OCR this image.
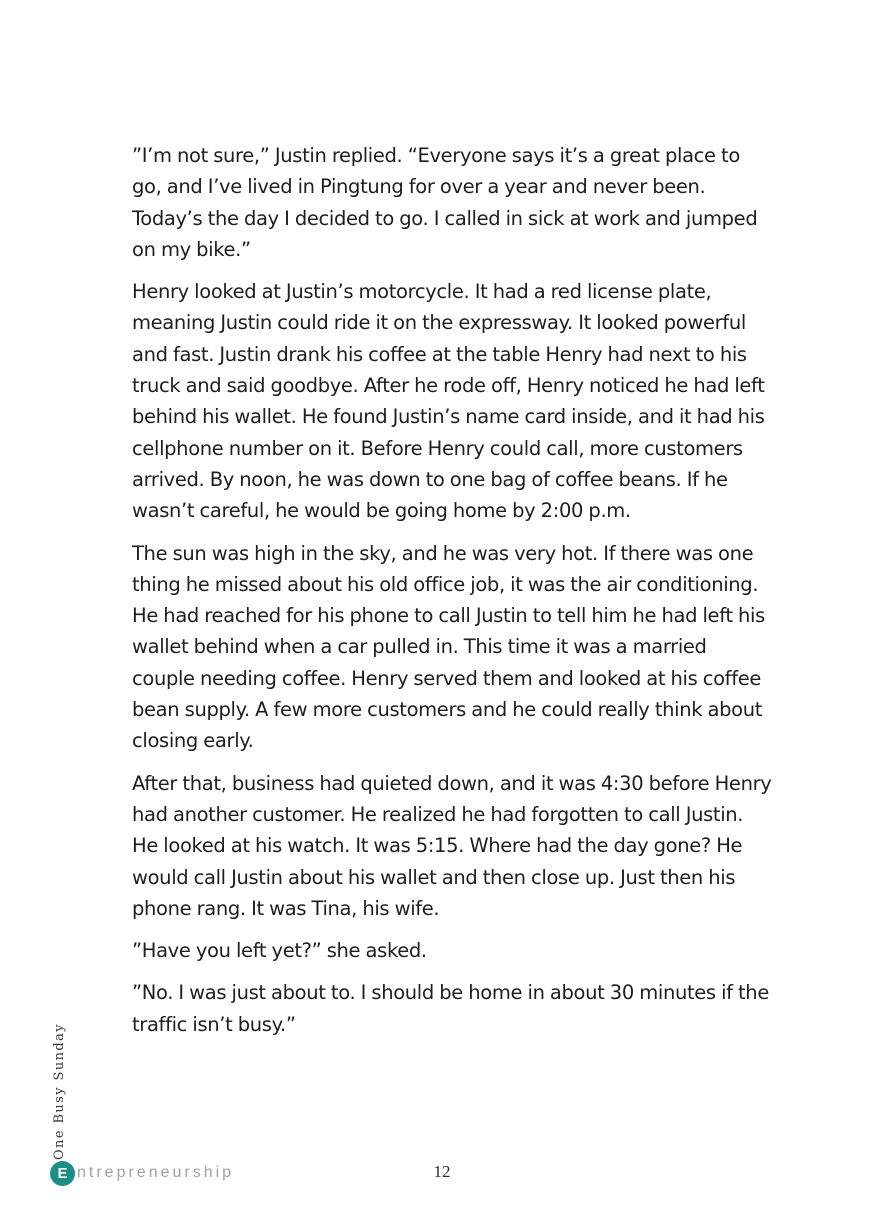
”I’m not sure,” Justin replied. “Everyone says it’s a great place to go, and I’ve lived in Pingtung for over a year and never been. Today’s the day I decided to go. I called in sick at work and jumped on my bike.”

Henry looked at Justin’s motorcycle. It had a red license plate, meaning Justin could ride it on the expressway. It looked powerful and fast. Justin drank his coffee at the table Henry had next to his truck and said goodbye. After he rode off, Henry noticed he had left behind his wallet. He found Justin’s name card inside, and it had his cellphone number on it. Before Henry could call, more customers arrived. By noon, he was down to one bag of coffee beans. If he wasn’t careful, he would be going home by 2:00 p.m.

The sun was high in the sky, and he was very hot. If there was one thing he missed about his old office job, it was the air conditioning. He had reached for his phone to call Justin to tell him he had left his wallet behind when a car pulled in. This time it was a married couple needing coffee. Henry served them and looked at his coffee bean supply. A few more customers and he could really think about closing early.

After that, business had quieted down, and it was 4:30 before Henry had another customer. He realized he had forgotten to call Justin. He looked at his watch. It was 5:15. Where had the day gone? He would call Justin about his wallet and then close up. Just then his phone rang. It was Tina, his wife.

”Have you left yet?” she asked.

”No. I was just about to. I should be home in about 30 minutes if the traffic isn’t busy.”

One Busy Sunday
E ntrepreneurship	12
